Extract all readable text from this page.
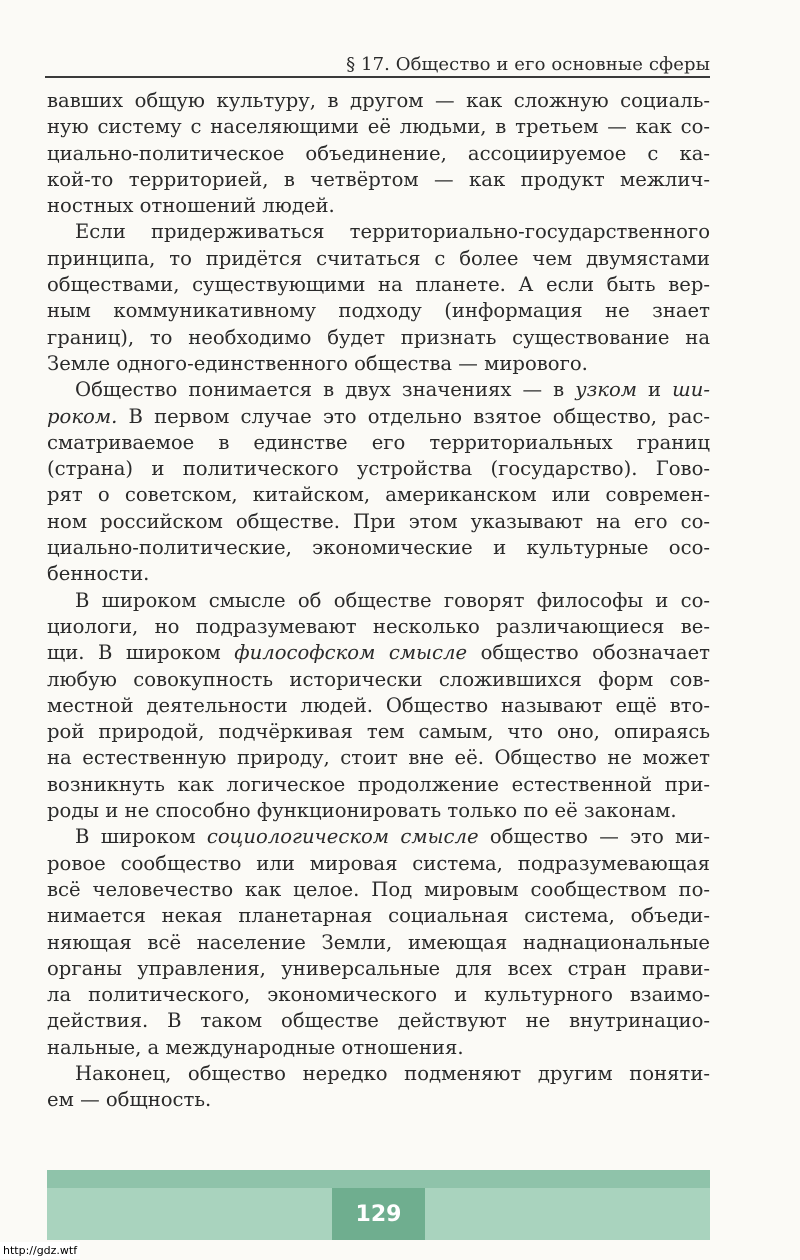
§ 17. Общество и его основные сферы
вавших общую культуру, в другом — как сложную социаль-
ную систему с населяющими её людьми, в третьем — как со-
циально-политическое объединение, ассоциируемое с ка-
кой-то территорией, в четвёртом — как продукт межлич-
ностных отношений людей.
Если придерживаться территориально-государственного
принципа, то придётся считаться с более чем двумястами
обществами, существующими на планете. А если быть вер-
ным коммуникативному подходу (информация не знает
границ), то необходимо будет признать существование на
Земле одного-единственного общества — мирового.
Общество понимается в двух значениях — в узком и ши-
роком. В первом случае это отдельно взятое общество, рас-
сматриваемое в единстве его территориальных границ
(страна) и политического устройства (государство). Гово-
рят о советском, китайском, американском или современ-
ном российском обществе. При этом указывают на его со-
циально-политические, экономические и культурные осо-
бенности.
В широком смысле об обществе говорят философы и со-
циологи, но подразумевают несколько различающиеся ве-
щи. В широком философском смысле общество обозначает
любую совокупность исторически сложившихся форм сов-
местной деятельности людей. Общество называют ещё вто-
рой природой, подчёркивая тем самым, что оно, опираясь
на естественную природу, стоит вне её. Общество не может
возникнуть как логическое продолжение естественной при-
роды и не способно функционировать только по её законам.
В широком социологическом смысле общество — это ми-
ровое сообщество или мировая система, подразумевающая
всё человечество как целое. Под мировым сообществом по-
нимается некая планетарная социальная система, объеди-
няющая всё население Земли, имеющая наднациональные
органы управления, универсальные для всех стран прави-
ла политического, экономического и культурного взаимо-
действия. В таком обществе действуют не внутринацио-
нальные, а международные отношения.
Наконец, общество нередко подменяют другим поняти-
ем — общность.
129
http://gdz.wtf
